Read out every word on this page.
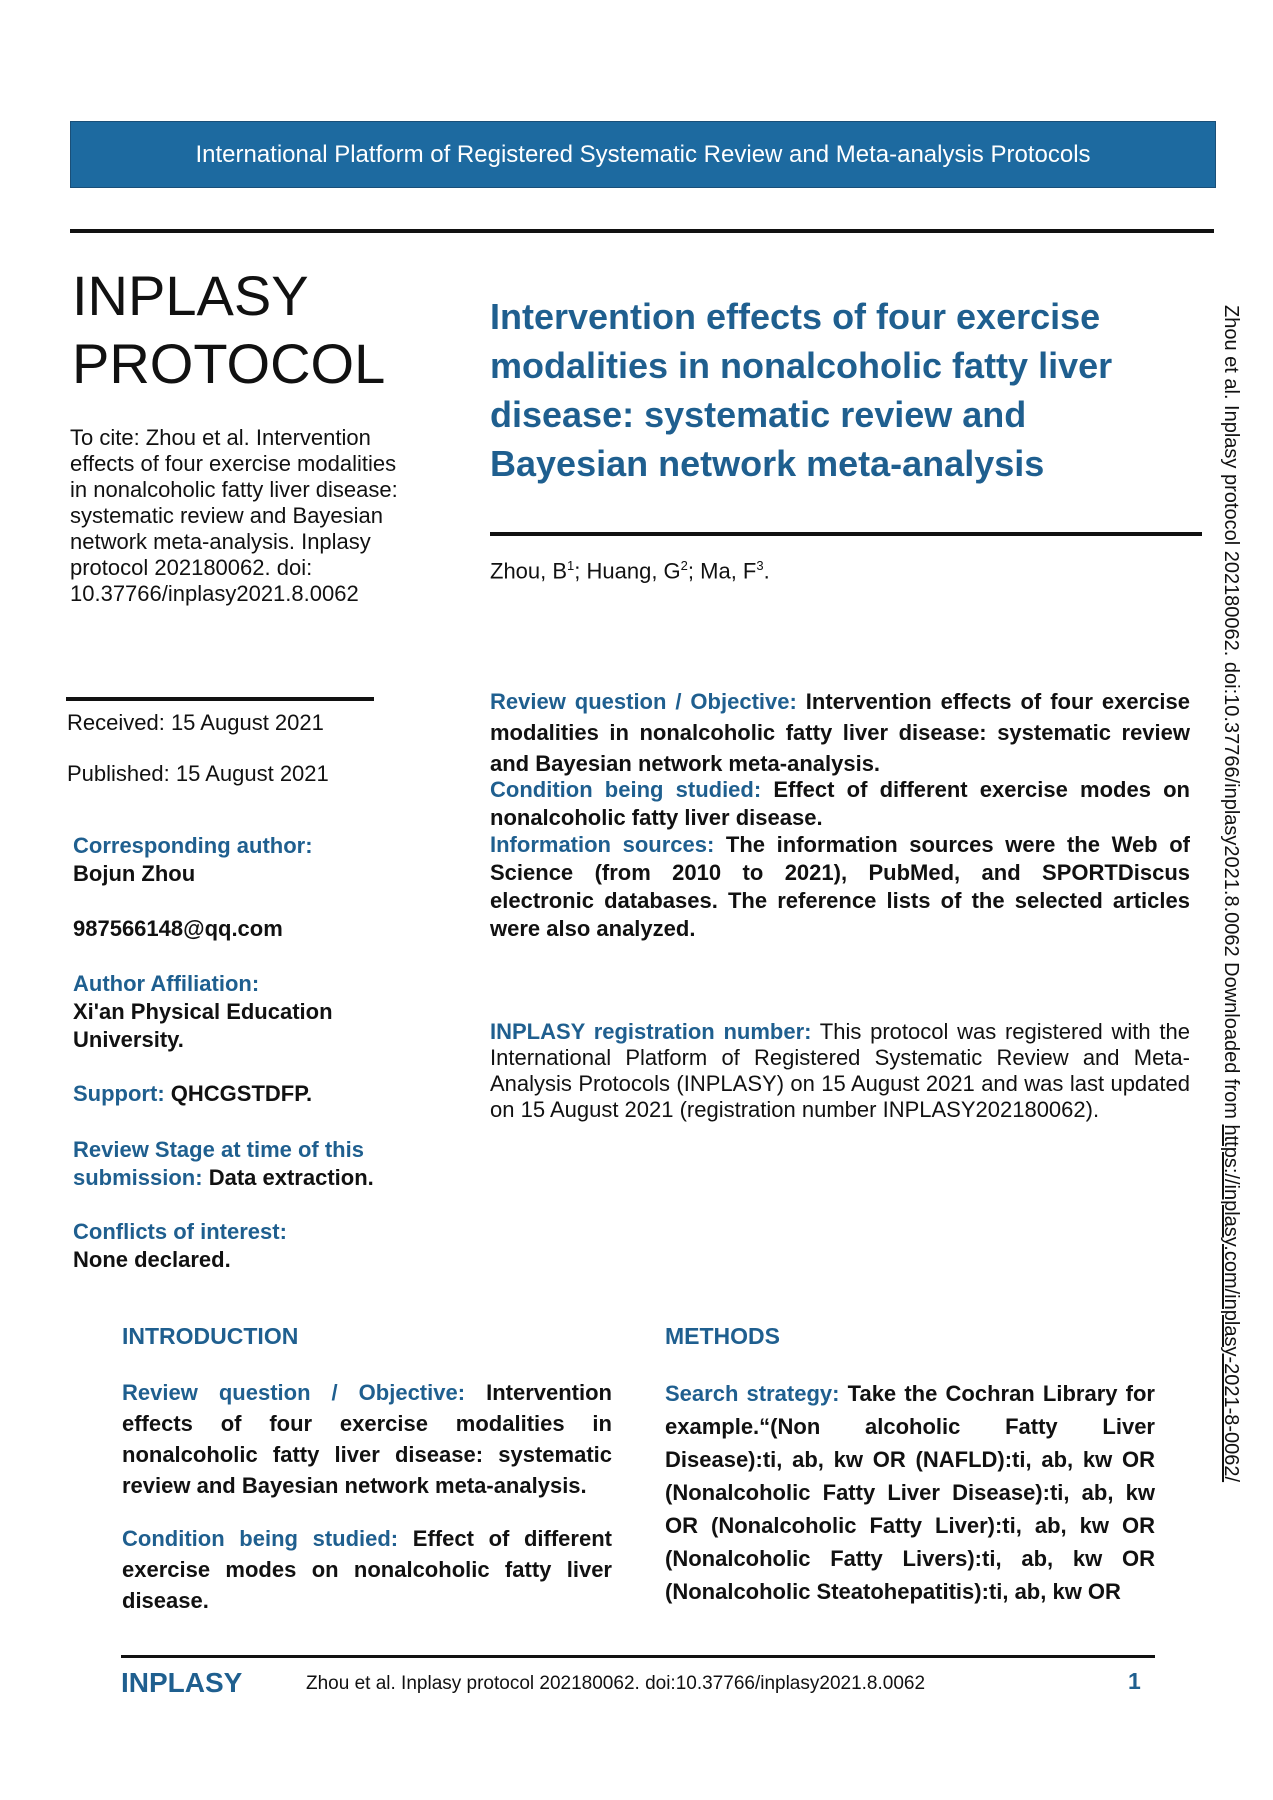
International Platform of Registered Systematic Review and Meta-analysis Protocols
INPLASY
PROTOCOL
To cite: Zhou et al. Intervention effects of four exercise modalities in nonalcoholic fatty liver disease: systematic review and Bayesian network meta-analysis. Inplasy protocol 202180062. doi: 10.37766/inplasy2021.8.0062
Received: 15 August 2021
Published: 15 August 2021
Corresponding author:
Bojun Zhou
987566148@qq.com
Author Affiliation:
Xi'an Physical Education University.
Support: QHCGSTDFP.
Review Stage at time of this submission: Data extraction.
Conflicts of interest:
None declared.
Intervention effects of four exercise modalities in nonalcoholic fatty liver disease: systematic review and Bayesian network meta-analysis
Zhou, $B^1$; Huang, $G^2$; Ma, $F^3$.
Review question / Objective: Intervention effects of four exercise modalities in nonalcoholic fatty liver disease: systematic review and Bayesian network meta-analysis.
Condition being studied: Effect of different exercise modes on nonalcoholic fatty liver disease.
Information sources: The information sources were the Web of Science (from 2010 to 2021), PubMed, and SPORTDiscus electronic databases. The reference lists of the selected articles were also analyzed.
INPLASY registration number: This protocol was registered with the International Platform of Registered Systematic Review and Meta-Analysis Protocols (INPLASY) on 15 August 2021 and was last updated on 15 August 2021 (registration number INPLASY202180062).
INTRODUCTION

Review question / Objective: Intervention effects of four exercise modalities in nonalcoholic fatty liver disease: systematic review and Bayesian network meta-analysis.

Condition being studied: Effect of different exercise modes on nonalcoholic fatty liver disease.

METHODS

Search strategy: Take the Cochran Library for example.“(Non alcoholic Fatty Liver Disease):ti, ab, kw OR (NAFLD):ti, ab, kw OR (Nonalcoholic Fatty Liver Disease):ti, ab, kw OR (Nonalcoholic Fatty Liver):ti, ab, kw OR (Nonalcoholic Fatty Livers):ti, ab, kw OR (Nonalcoholic Steatohepatitis):ti, ab, kw OR

INPLASY	Zhou et al. Inplasy protocol 202180062. doi:10.37766/inplasy2021.8.0062	1
Zhou et al. Inplasy protocol 202180062. doi:10.37766/inplasy2021.8.0062 Downloaded from https://inplasy.com/inplasy-2021-8-0062/
